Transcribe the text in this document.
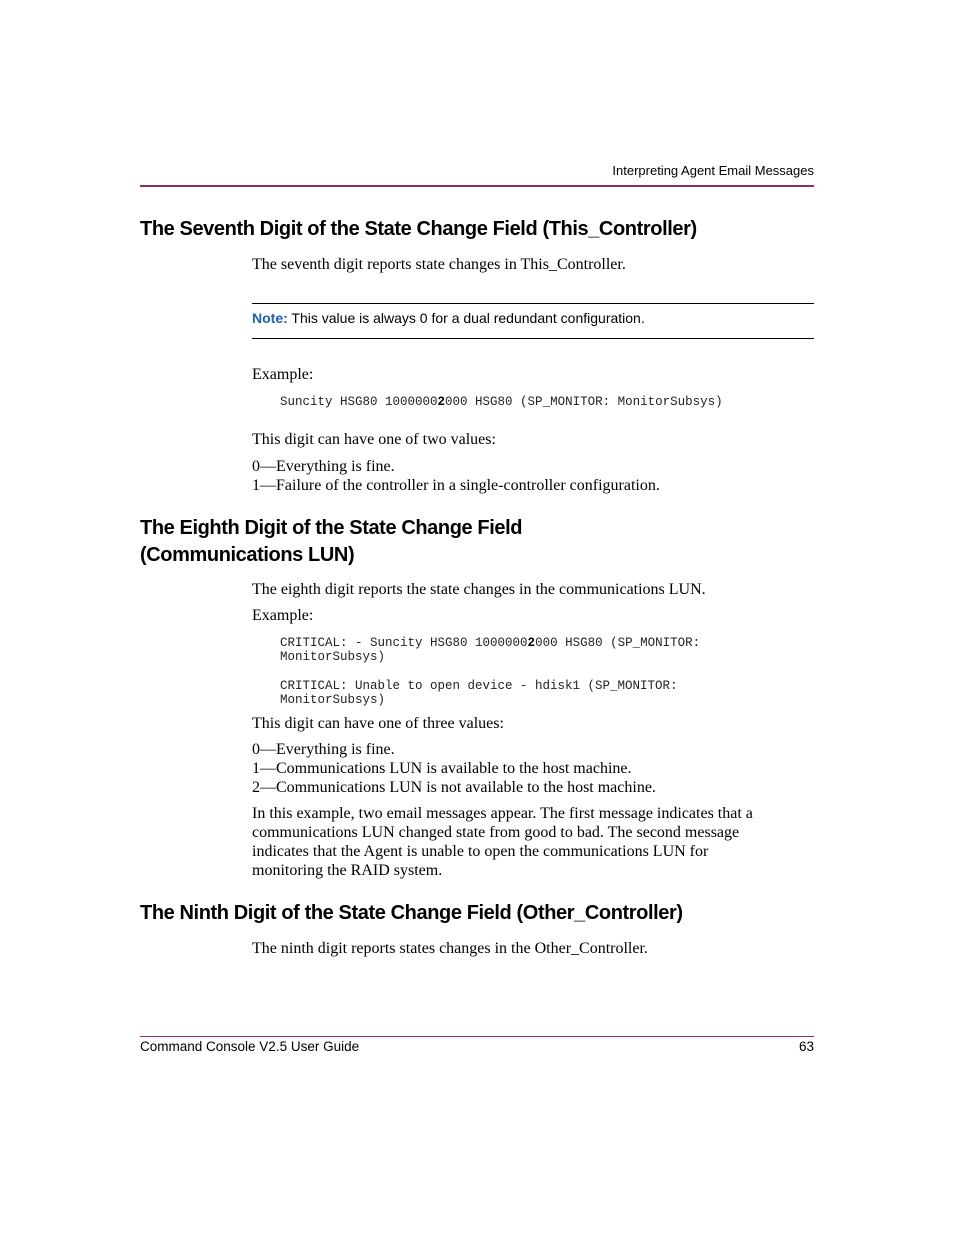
Interpreting Agent Email Messages
The Seventh Digit of the State Change Field (This_Controller)
The seventh digit reports state changes in This_Controller.
Note: This value is always 0 for a dual redundant configuration.
Example:
Suncity HSG80 10000002000 HSG80 (SP_MONITOR: MonitorSubsys)
This digit can have one of two values:
0—Everything is fine.
1—Failure of the controller in a single-controller configuration.
The Eighth Digit of the State Change Field
(Communications LUN)
The eighth digit reports the state changes in the communications LUN.
Example:
CRITICAL: - Suncity HSG80 10000002000 HSG80 (SP_MONITOR:
MonitorSubsys)
CRITICAL: Unable to open device - hdisk1 (SP_MONITOR:
MonitorSubsys)
This digit can have one of three values:
0—Everything is fine.
1—Communications LUN is available to the host machine.
2—Communications LUN is not available to the host machine.
In this example, two email messages appear. The first message indicates that a
communications LUN changed state from good to bad. The second message
indicates that the Agent is unable to open the communications LUN for
monitoring the RAID system.
The Ninth Digit of the State Change Field (Other_Controller)
The ninth digit reports states changes in the Other_Controller.
Command Console V2.5 User Guide	63
